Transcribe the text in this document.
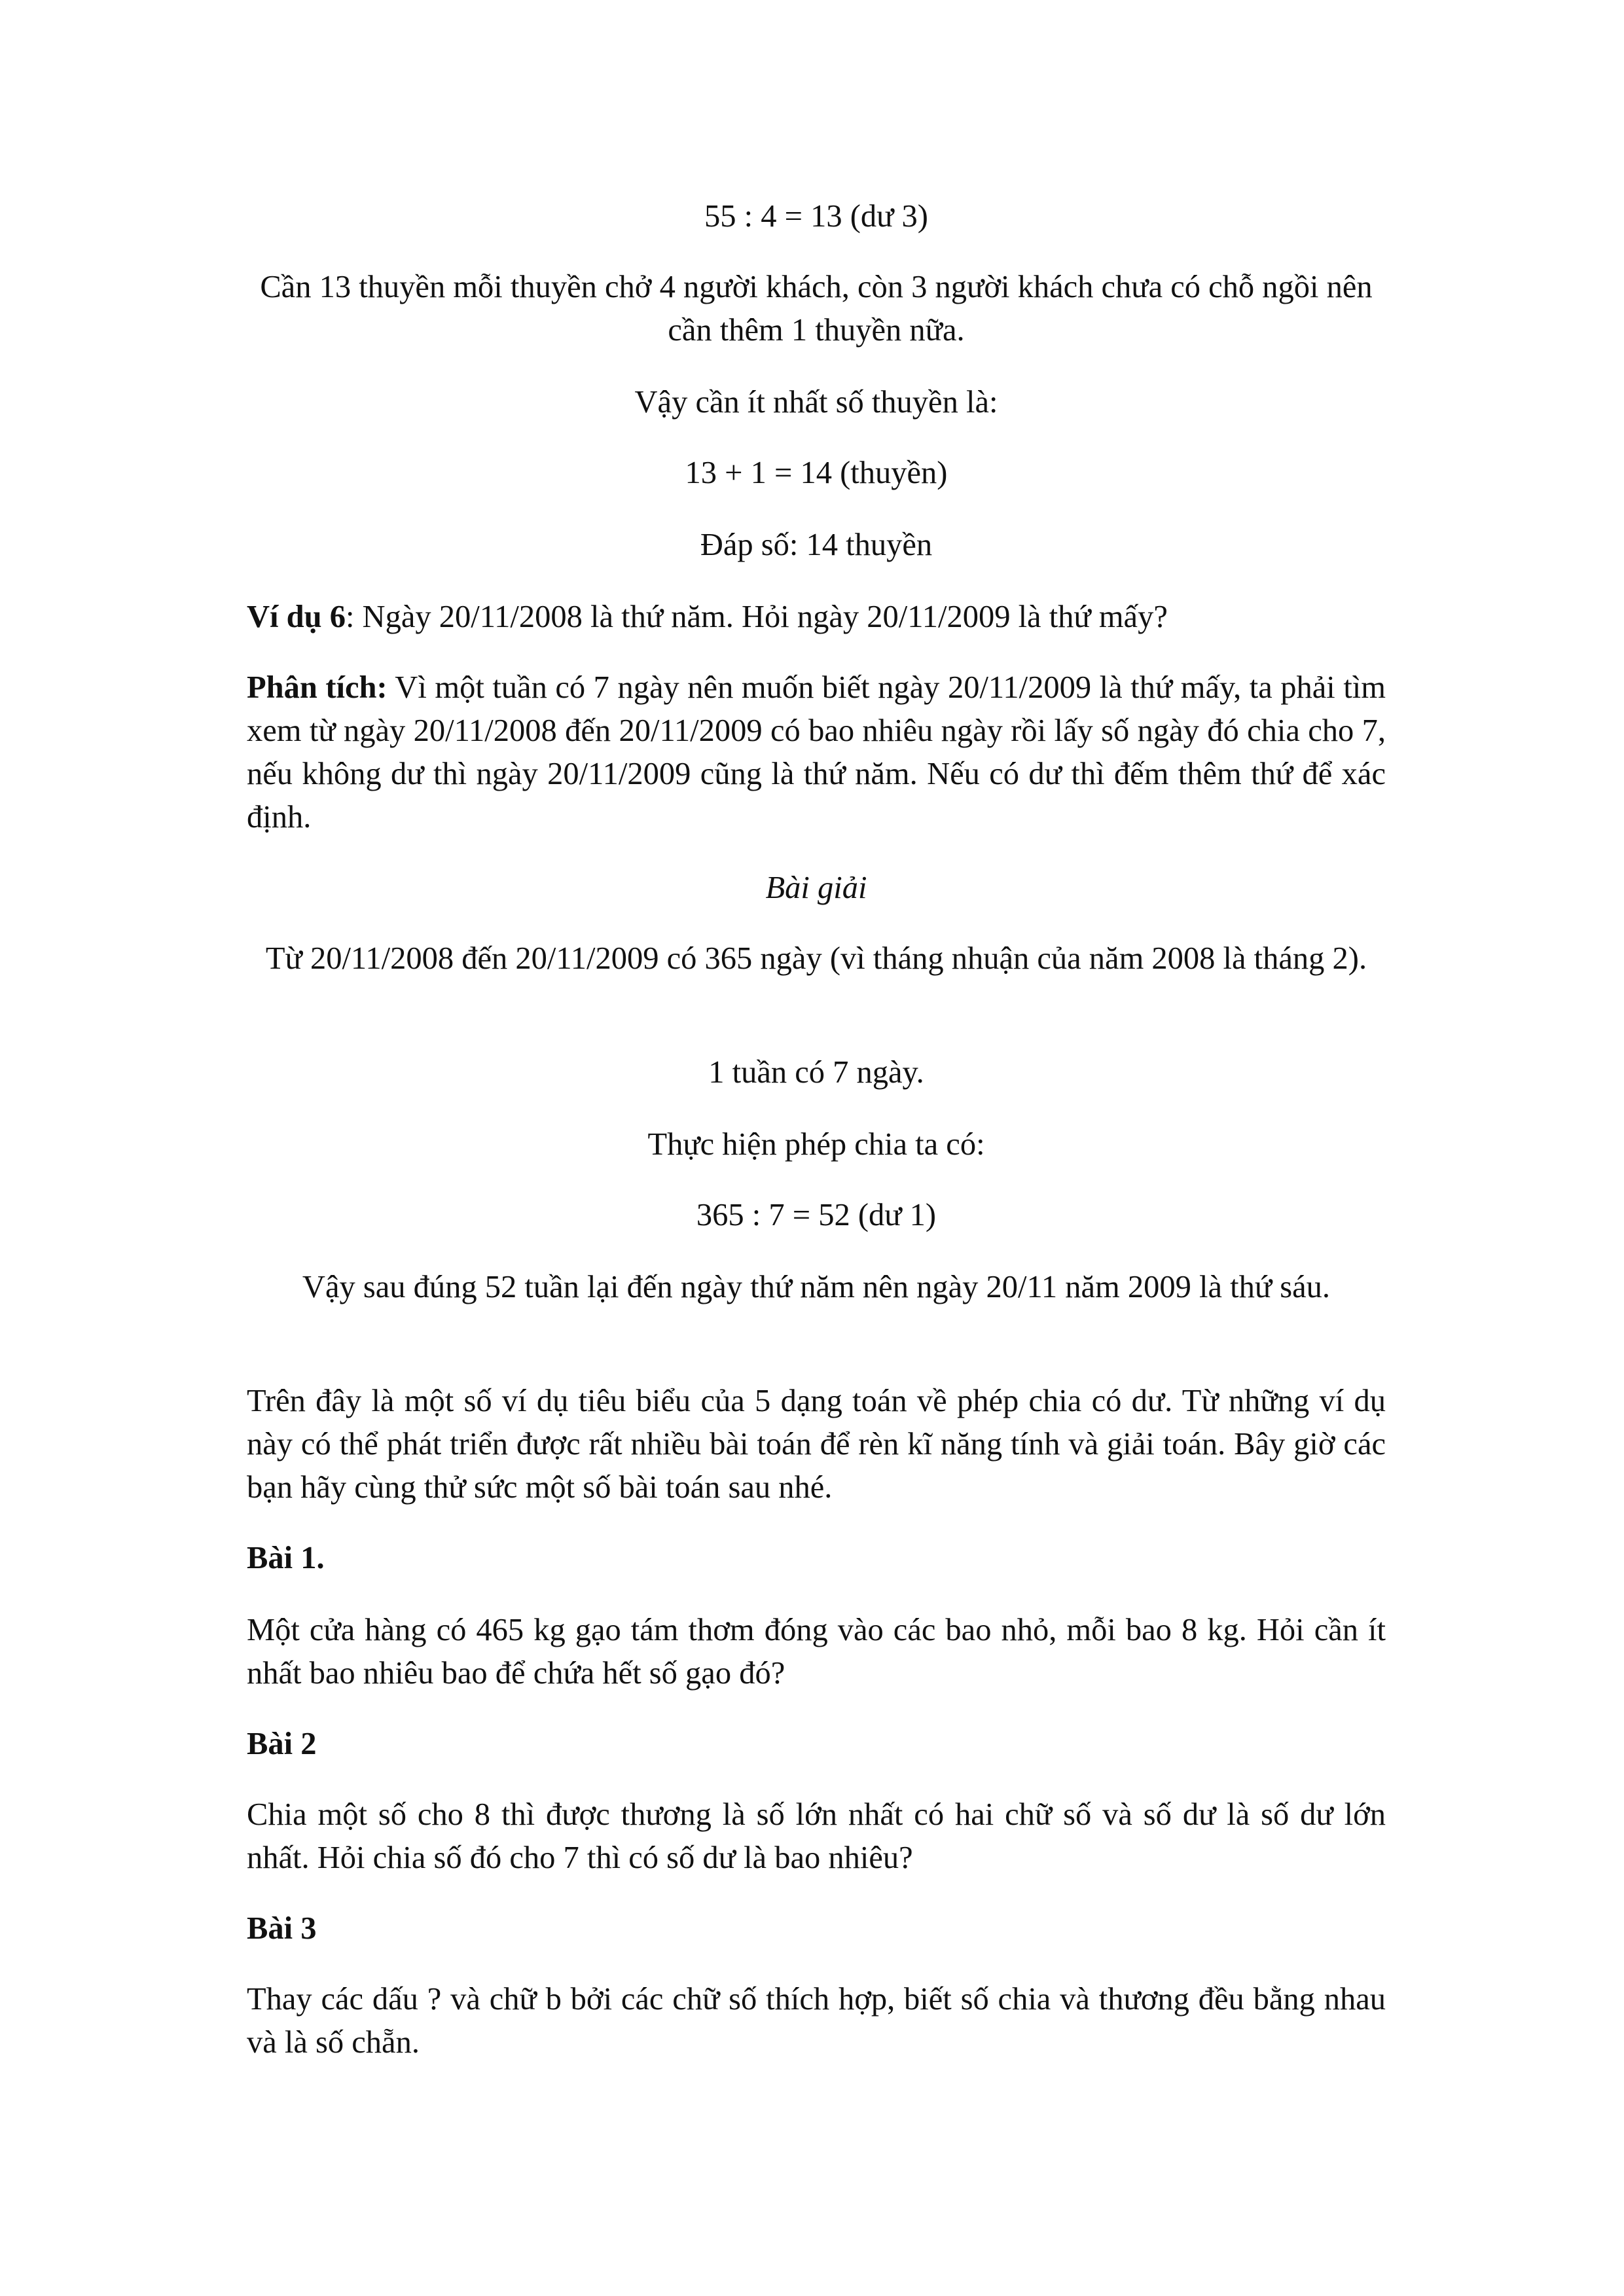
55 : 4 = 13 (dư 3)

Cần 13 thuyền mỗi thuyền chở 4 người khách, còn 3 người khách chưa có chỗ ngồi nên cần thêm 1 thuyền nữa.

Vậy cần ít nhất số thuyền là:

13 + 1 = 14 (thuyền)

Đáp số: 14 thuyền

Ví dụ 6: Ngày 20/11/2008 là thứ năm. Hỏi ngày 20/11/2009 là thứ mấy?

Phân tích: Vì một tuần có 7 ngày nên muốn biết ngày 20/11/2009 là thứ mấy, ta phải tìm xem từ ngày 20/11/2008 đến 20/11/2009 có bao nhiêu ngày rồi lấy số ngày đó chia cho 7, nếu không dư thì ngày 20/11/2009 cũng là thứ năm. Nếu có dư thì đếm thêm thứ để xác định.

Bài giải

Từ 20/11/2008 đến 20/11/2009 có 365 ngày (vì tháng nhuận của năm 2008 là tháng 2).

1 tuần có 7 ngày.

Thực hiện phép chia ta có:

365 : 7 = 52 (dư 1)

Vậy sau đúng 52 tuần lại đến ngày thứ năm nên ngày 20/11 năm 2009 là thứ sáu.

Trên đây là một số ví dụ tiêu biểu của 5 dạng toán về phép chia có dư. Từ những ví dụ này có thể phát triển được rất nhiều bài toán để rèn kĩ năng tính và giải toán. Bây giờ các bạn hãy cùng thử sức một số bài toán sau nhé.

Bài 1.

Một cửa hàng có 465 kg gạo tám thơm đóng vào các bao nhỏ, mỗi bao 8 kg. Hỏi cần ít nhất bao nhiêu bao để chứa hết số gạo đó?

Bài 2

Chia một số cho 8 thì được thương là số lớn nhất có hai chữ số và số dư là số dư lớn nhất. Hỏi chia số đó cho 7 thì có số dư là bao nhiêu?

Bài 3

Thay các dấu ? và chữ b bởi các chữ số thích hợp, biết số chia và thương đều bằng nhau và là số chẵn.
